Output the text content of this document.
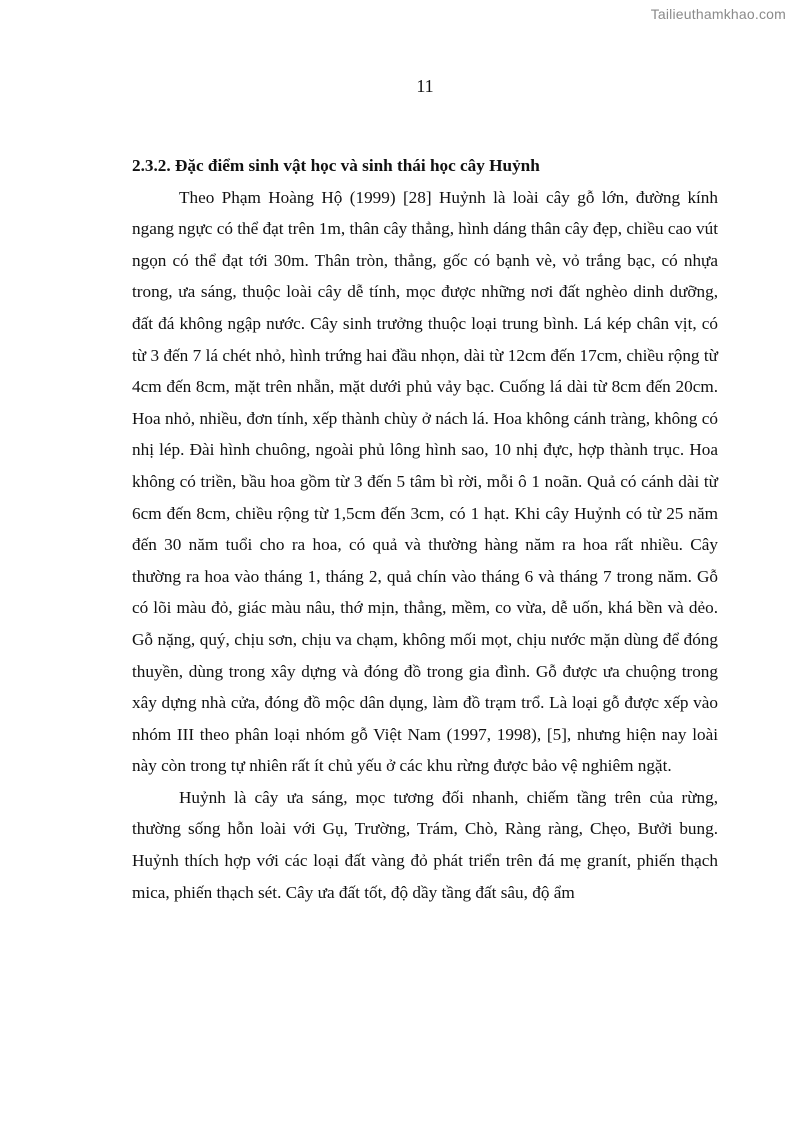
Tailieuthamkhao.com
11
2.3.2. Đặc điểm sinh vật học và sinh thái học cây Huỷnh

Theo Phạm Hoàng Hộ (1999) [28] Huỷnh là loài cây gỗ lớn, đường kính ngang ngực có thể đạt trên 1m, thân cây thẳng, hình dáng thân cây đẹp, chiều cao vút ngọn có thể đạt tới 30m. Thân tròn, thẳng, gốc có bạnh vè, vỏ trắng bạc, có nhựa trong, ưa sáng, thuộc loài cây dễ tính, mọc được những nơi đất nghèo dinh dưỡng, đất đá không ngập nước. Cây sinh trưởng thuộc loại trung bình. Lá kép chân vịt, có từ 3 đến 7 lá chét nhỏ, hình trứng hai đầu nhọn, dài từ 12cm đến 17cm, chiều rộng từ 4cm đến 8cm, mặt trên nhẵn, mặt dưới phủ vảy bạc. Cuống lá dài từ 8cm đến 20cm. Hoa nhỏ, nhiều, đơn tính, xếp thành chùy ở nách lá. Hoa không cánh tràng, không có nhị lép. Đài hình chuông, ngoài phủ lông hình sao, 10 nhị đực, hợp thành trục. Hoa không có triền, bầu hoa gồm từ 3 đến 5 tâm bì rời, mỗi ô 1 noãn. Quả có cánh dài từ 6cm đến 8cm, chiều rộng từ 1,5cm đến 3cm, có 1 hạt. Khi cây Huỷnh có từ 25 năm đến 30 năm tuổi cho ra hoa, có quả và thường hàng năm ra hoa rất nhiều. Cây thường ra hoa vào tháng 1, tháng 2, quả chín vào tháng 6 và tháng 7 trong năm. Gỗ có lõi màu đỏ, giác màu nâu, thớ mịn, thẳng, mềm, co vừa, dễ uốn, khá bền và dẻo. Gỗ nặng, quý, chịu sơn, chịu va chạm, không mối mọt, chịu nước mặn dùng để đóng thuyền, dùng trong xây dựng và đóng đồ trong gia đình. Gỗ được ưa chuộng trong xây dựng nhà cửa, đóng đồ mộc dân dụng, làm đồ trạm trổ. Là loại gỗ được xếp vào nhóm III theo phân loại nhóm gỗ Việt Nam (1997, 1998), [5], nhưng hiện nay loài này còn trong tự nhiên rất ít chủ yếu ở các khu rừng được bảo vệ nghiêm ngặt.

Huỷnh là cây ưa sáng, mọc tương đối nhanh, chiếm tầng trên của rừng, thường sống hỗn loài với Gụ, Trường, Trám, Chò, Ràng ràng, Chẹo, Bưởi bung. Huỷnh thích hợp với các loại đất vàng đỏ phát triển trên đá mẹ granít, phiến thạch mica, phiến thạch sét. Cây ưa đất tốt, độ dầy tầng đất sâu, độ ẩm
